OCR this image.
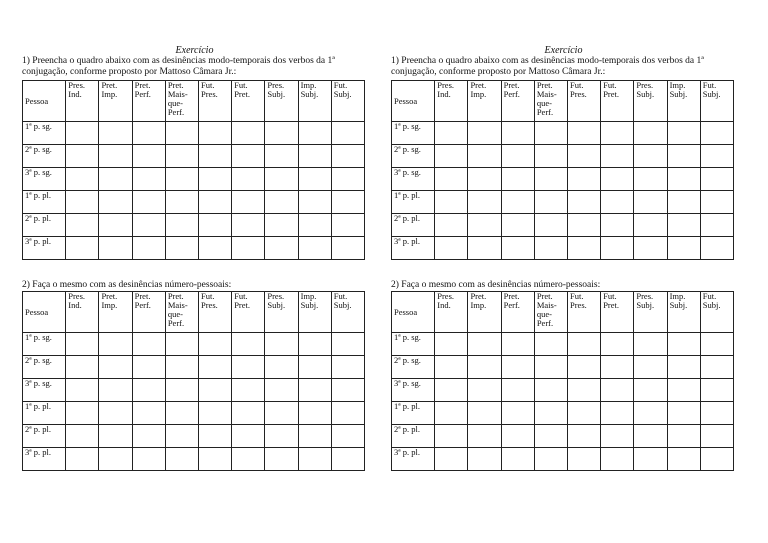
Exercício
1) Preencha o quadro abaixo com as desinências modo-temporais dos verbos da 1ª conjugação, conforme proposto por Mattoso Câmara Jr.:
Pessoa	Pres. Ind.	Pret. Imp.	Pret. Perf.	Pret. Mais-que-Perf.	Fut. Pres.	Fut. Pret.	Pres. Subj.	Imp. Subj.	Fut. Subj.
1ª p. sg.									
2ª p. sg.									
3ª p. sg.									
1ª p. pl.									
2ª p. pl.									
3ª p. pl.									
2) Faça o mesmo com as desinências número-pessoais:
Pessoa	Pres. Ind.	Pret. Imp.	Pret. Perf.	Pret. Mais-que-Perf.	Fut. Pres.	Fut. Pret.	Pres. Subj.	Imp. Subj.	Fut. Subj.
1ª p. sg.									
2ª p. sg.									
3ª p. sg.									
1ª p. pl.									
2ª p. pl.									
3ª p. pl.									
Exercício
1) Preencha o quadro abaixo com as desinências modo-temporais dos verbos da 1ª conjugação, conforme proposto por Mattoso Câmara Jr.:
Pessoa	Pres. Ind.	Pret. Imp.	Pret. Perf.	Pret. Mais-que-Perf.	Fut. Pres.	Fut. Pret.	Pres. Subj.	Imp. Subj.	Fut. Subj.
1ª p. sg.									
2ª p. sg.									
3ª p. sg.									
1ª p. pl.									
2ª p. pl.									
3ª p. pl.									
2) Faça o mesmo com as desinências número-pessoais:
Pessoa	Pres. Ind.	Pret. Imp.	Pret. Perf.	Pret. Mais-que-Perf.	Fut. Pres.	Fut. Pret.	Pres. Subj.	Imp. Subj.	Fut. Subj.
1ª p. sg.									
2ª p. sg.									
3ª p. sg.									
1ª p. pl.									
2ª p. pl.									
3ª p. pl.									
